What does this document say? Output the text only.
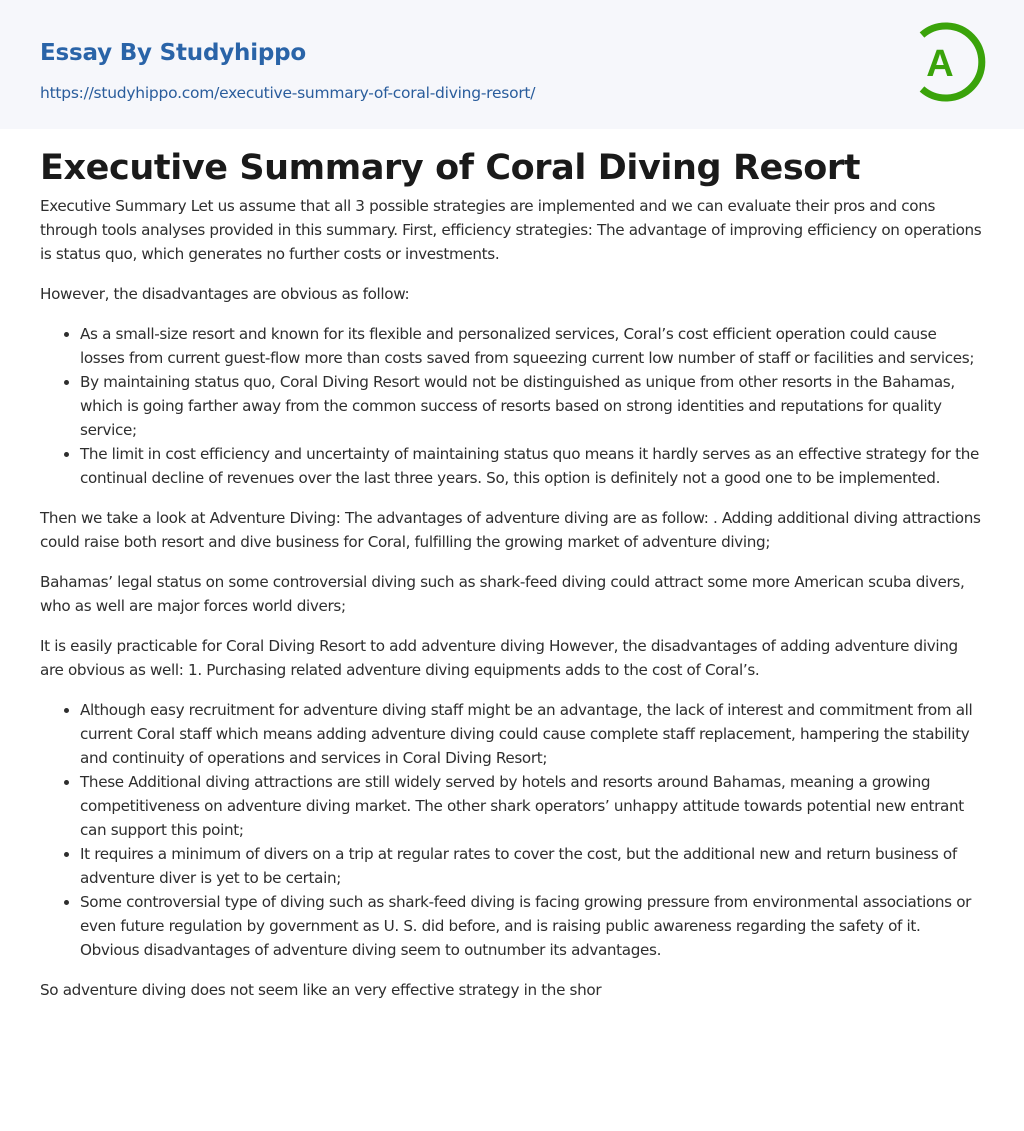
Essay By Studyhippo
https://studyhippo.com/executive-summary-of-coral-diving-resort/
A
Executive Summary of Coral Diving Resort

Executive Summary Let us assume that all 3 possible strategies are implemented and we can evaluate their pros and cons through tools analyses provided in this summary. First, efficiency strategies: The advantage of improving efficiency on operations is status quo, which generates no further costs or investments.

However, the disadvantages are obvious as follow:

• As a small-size resort and known for its flexible and personalized services, Coral’s cost efficient operation could cause losses from current guest-flow more than costs saved from squeezing current low number of staff or facilities and services;
• By maintaining status quo, Coral Diving Resort would not be distinguished as unique from other resorts in the Bahamas, which is going farther away from the common success of resorts based on strong identities and reputations for quality service;
• The limit in cost efficiency and uncertainty of maintaining status quo means it hardly serves as an effective strategy for the continual decline of revenues over the last three years. So, this option is definitely not a good one to be implemented.

Then we take a look at Adventure Diving: The advantages of adventure diving are as follow: . Adding additional diving attractions could raise both resort and dive business for Coral, fulfilling the growing market of adventure diving;

Bahamas’ legal status on some controversial diving such as shark-feed diving could attract some more American scuba divers, who as well are major forces world divers;

It is easily practicable for Coral Diving Resort to add adventure diving However, the disadvantages of adding adventure diving are obvious as well: 1. Purchasing related adventure diving equipments adds to the cost of Coral’s.

• Although easy recruitment for adventure diving staff might be an advantage, the lack of interest and commitment from all current Coral staff which means adding adventure diving could cause complete staff replacement, hampering the stability and continuity of operations and services in Coral Diving Resort;
• These Additional diving attractions are still widely served by hotels and resorts around Bahamas, meaning a growing competitiveness on adventure diving market. The other shark operators’ unhappy attitude towards potential new entrant can support this point;
• It requires a minimum of divers on a trip at regular rates to cover the cost, but the additional new and return business of adventure diver is yet to be certain;
• Some controversial type of diving such as shark-feed diving is facing growing pressure from environmental associations or even future regulation by government as U. S. did before, and is raising public awareness regarding the safety of it. Obvious disadvantages of adventure diving seem to outnumber its advantages.

So adventure diving does not seem like an very effective strategy in the shor
